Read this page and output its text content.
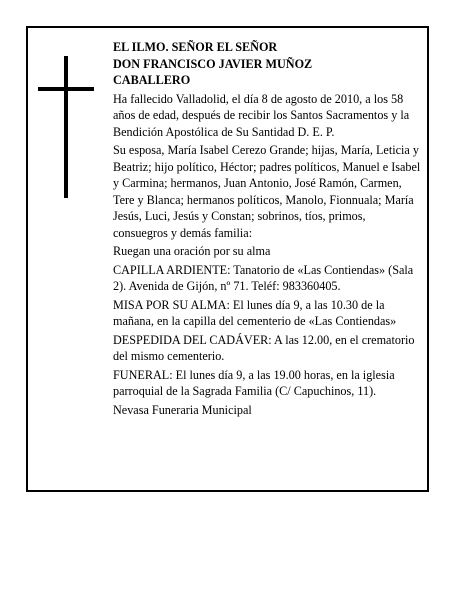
EL ILMO. SEÑOR EL SEÑOR
DON FRANCISCO JAVIER MUÑOZ
CABALLERO

Ha fallecido Valladolid, el día 8 de agosto de 2010, a los 58 años de edad, después de recibir los Santos Sacramentos y la Bendición Apostólica de Su Santidad D. E. P.

Su esposa, María Isabel Cerezo Grande; hijas, María, Leticia y Beatriz; hijo político, Héctor; padres políticos, Manuel e Isabel y Carmina; hermanos, Juan Antonio, José Ramón, Carmen, Tere y Blanca; hermanos políticos, Manolo, Fionnuala; María Jesús, Luci, Jesús y Constan; sobrinos, tíos, primos, consuegros y demás familia:

Ruegan una oración por su alma

CAPILLA ARDIENTE: Tanatorio de «Las Contiendas» (Sala 2). Avenida de Gijón, nº 71. Teléf: 983360405.

MISA POR SU ALMA: El lunes día 9, a las 10.30 de la mañana, en la capilla del cementerio de «Las Contiendas»

DESPEDIDA DEL CADÁVER: A las 12.00, en el crematorio del mismo cementerio.

FUNERAL: El lunes día 9, a las 19.00 horas, en la iglesia parroquial de la Sagrada Familia (C/ Capuchinos, 11).

Nevasa Funeraria Municipal
